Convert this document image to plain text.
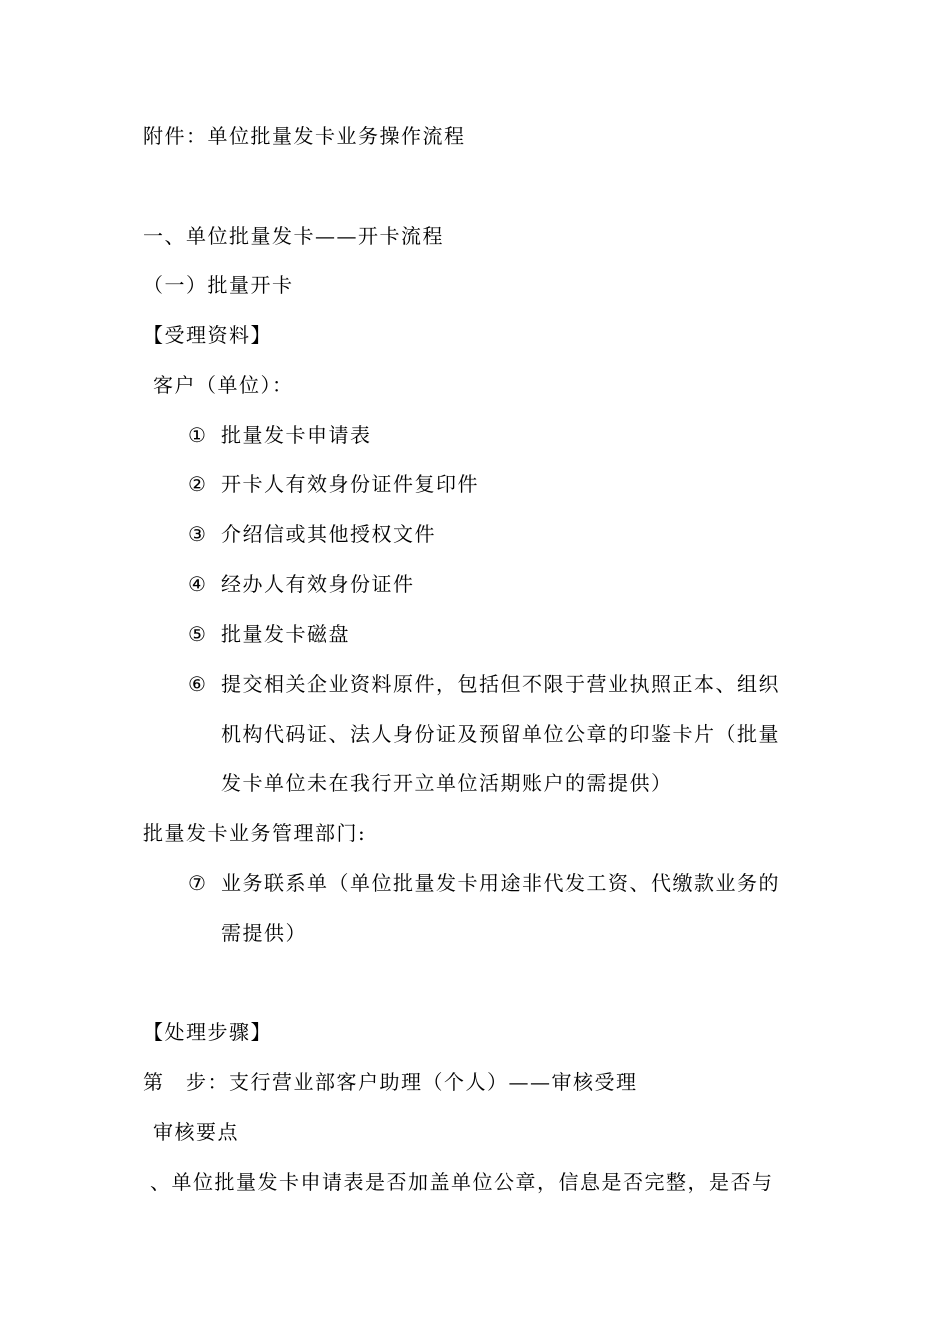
附件：单位批量发卡业务操作流程
一、单位批量发卡——开卡流程
（一）批量开卡
【受理资料】
客户（单位）：
① 批量发卡申请表
② 开卡人有效身份证件复印件
③ 介绍信或其他授权文件
④ 经办人有效身份证件
⑤ 批量发卡磁盘
⑥ 提交相关企业资料原件，包括但不限于营业执照正本、组织
机构代码证、法人身份证及预留单位公章的印鉴卡片（批量
发卡单位未在我行开立单位活期账户的需提供）
批量发卡业务管理部门:
⑦ 业务联系单（单位批量发卡用途非代发工资、代缴款业务的
需提供）
【处理步骤】
第　步：支行营业部客户助理（个人）——审核受理
审核要点
、单位批量发卡申请表是否加盖单位公章，信息是否完整，是否与
